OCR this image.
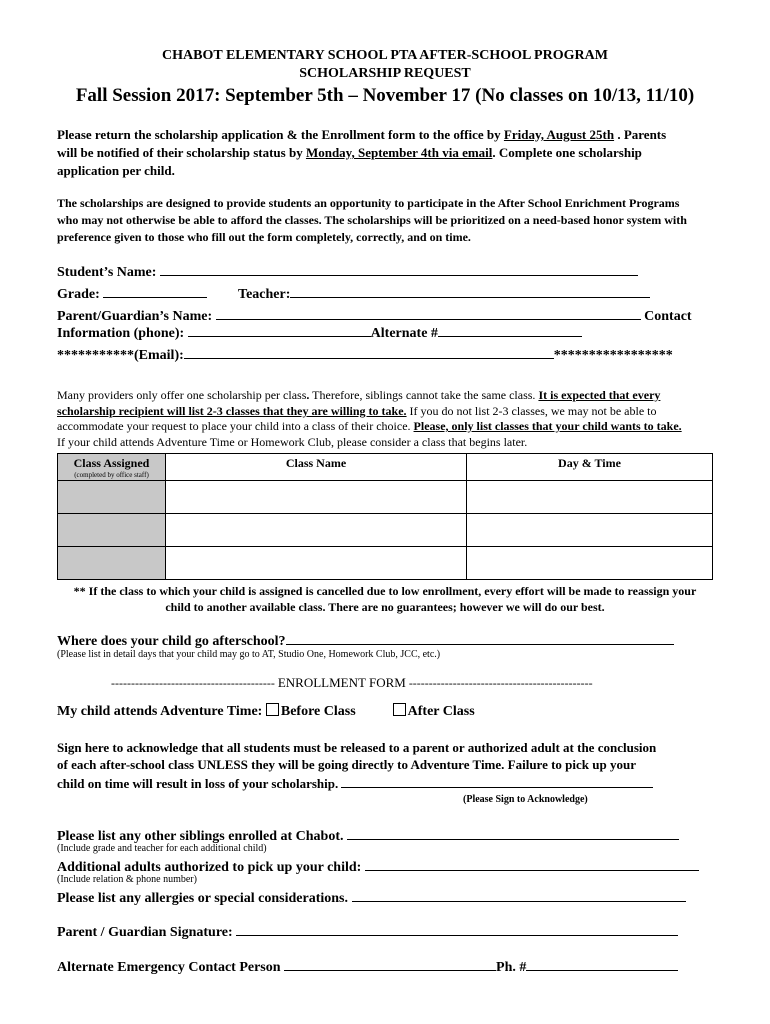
CHABOT ELEMENTARY SCHOOL PTA AFTER-SCHOOL PROGRAM
SCHOLARSHIP REQUEST
Fall Session 2017: September 5th – November 17 (No classes on 10/13, 11/10)
Please return the scholarship application & the Enrollment form to the office by Friday, August 25th . Parents
will be notified of their scholarship status by Monday, September 4th via email. Complete one scholarship
application per child.
The scholarships are designed to provide students an opportunity to participate in the After School Enrichment Programs
who may not otherwise be able to afford the classes. The scholarships will be prioritized on a need-based honor system with
preference given to those who fill out the form completely, correctly, and on time.
Student’s Name:
Grade:	Teacher:
Parent/Guardian’s Name:	Contact
Information (phone):	Alternate #
***********(Email):	*****************
Many providers only offer one scholarship per class. Therefore, siblings cannot take the same class. It is expected that every
scholarship recipient will list 2-3 classes that they are willing to take. If you do not list 2-3 classes, we may not be able to
accommodate your request to place your child into a class of their choice. Please, only list classes that your child wants to take.
If your child attends Adventure Time or Homework Club, please consider a class that begins later.
Class Assigned
(completed by office staff)	Class Name	Day & Time

** If the class to which your child is assigned is cancelled due to low enrollment, every effort will be made to reassign your
child to another available class. There are no guarantees; however we will do our best.
Where does your child go afterschool?
(Please list in detail days that your child may go to AT, Studio One, Homework Club, JCC, etc.)
----------------------------------------- ENROLLMENT FORM ----------------------------------------------
My child attends Adventure Time: Before Class	After Class
Sign here to acknowledge that all students must be released to a parent or authorized adult at the conclusion
of each after-school class UNLESS they will be going directly to Adventure Time. Failure to pick up your
child on time will result in loss of your scholarship.
(Please Sign to Acknowledge)
Please list any other siblings enrolled at Chabot.
(Include grade and teacher for each additional child)
Additional adults authorized to pick up your child:
(Include relation & phone number)
Please list any allergies or special considerations.
Parent / Guardian Signature:
Alternate Emergency Contact Person	Ph. #
